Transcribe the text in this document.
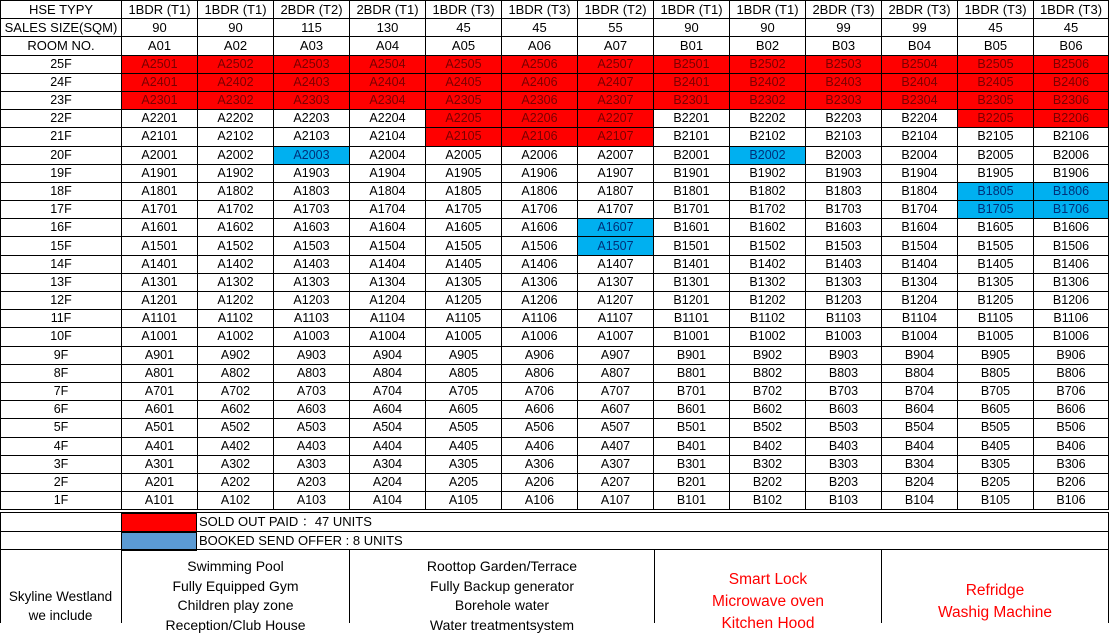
HSE TYPY	1BDR (T1)	1BDR (T1)	2BDR (T2)	2BDR (T1)	1BDR (T3)	1BDR (T3)	1BDR (T2)	1BDR (T1)	1BDR (T1)	2BDR (T3)	2BDR (T3)	1BDR (T3)	1BDR (T3)
SALES SIZE(SQM)	90	90	115	130	45	45	55	90	90	99	99	45	45
ROOM NO.	A01	A02	A03	A04	A05	A06	A07	B01	B02	B03	B04	B05	B06
25F	A2501	A2502	A2503	A2504	A2505	A2506	A2507	B2501	B2502	B2503	B2504	B2505	B2506
24F	A2401	A2402	A2403	A2404	A2405	A2406	A2407	B2401	B2402	B2403	B2404	B2405	B2406
23F	A2301	A2302	A2303	A2304	A2305	A2306	A2307	B2301	B2302	B2303	B2304	B2305	B2306
22F	A2201	A2202	A2203	A2204	A2205	A2206	A2207	B2201	B2202	B2203	B2204	B2205	B2206
21F	A2101	A2102	A2103	A2104	A2105	A2106	A2107	B2101	B2102	B2103	B2104	B2105	B2106
20F	A2001	A2002	A2003	A2004	A2005	A2006	A2007	B2001	B2002	B2003	B2004	B2005	B2006
19F	A1901	A1902	A1903	A1904	A1905	A1906	A1907	B1901	B1902	B1903	B1904	B1905	B1906
18F	A1801	A1802	A1803	A1804	A1805	A1806	A1807	B1801	B1802	B1803	B1804	B1805	B1806
17F	A1701	A1702	A1703	A1704	A1705	A1706	A1707	B1701	B1702	B1703	B1704	B1705	B1706
16F	A1601	A1602	A1603	A1604	A1605	A1606	A1607	B1601	B1602	B1603	B1604	B1605	B1606
15F	A1501	A1502	A1503	A1504	A1505	A1506	A1507	B1501	B1502	B1503	B1504	B1505	B1506
14F	A1401	A1402	A1403	A1404	A1405	A1406	A1407	B1401	B1402	B1403	B1404	B1405	B1406
13F	A1301	A1302	A1303	A1304	A1305	A1306	A1307	B1301	B1302	B1303	B1304	B1305	B1306
12F	A1201	A1202	A1203	A1204	A1205	A1206	A1207	B1201	B1202	B1203	B1204	B1205	B1206
11F	A1101	A1102	A1103	A1104	A1105	A1106	A1107	B1101	B1102	B1103	B1104	B1105	B1106
10F	A1001	A1002	A1003	A1004	A1005	A1006	A1007	B1001	B1002	B1003	B1004	B1005	B1006
9F	A901	A902	A903	A904	A905	A906	A907	B901	B902	B903	B904	B905	B906
8F	A801	A802	A803	A804	A805	A806	A807	B801	B802	B803	B804	B805	B806
7F	A701	A702	A703	A704	A705	A706	A707	B701	B702	B703	B704	B705	B706
6F	A601	A602	A603	A604	A605	A606	A607	B601	B602	B603	B604	B605	B606
5F	A501	A502	A503	A504	A505	A506	A507	B501	B502	B503	B504	B505	B506
4F	A401	A402	A403	A404	A405	A406	A407	B401	B402	B403	B404	B405	B406
3F	A301	A302	A303	A304	A305	A306	A307	B301	B302	B303	B304	B305	B306
2F	A201	A202	A203	A204	A205	A206	A207	B201	B202	B203	B204	B205	B206
1F	A101	A102	A103	A104	A105	A106	A107	B101	B102	B103	B104	B105	B106
SOLD OUT PAID ：47 UNITS
BOOKED SEND OFFER : 8 UNITS
Skyline Westland
we include
Swimming Pool
Fully Equipped Gym
Children play zone
Reception/Club House
Roottop Garden/Terrace
Fully Backup generator
Borehole water
Water treatmentsystem
Smart Lock
Microwave oven
Kitchen Hood
Refridge
Washig Machine
